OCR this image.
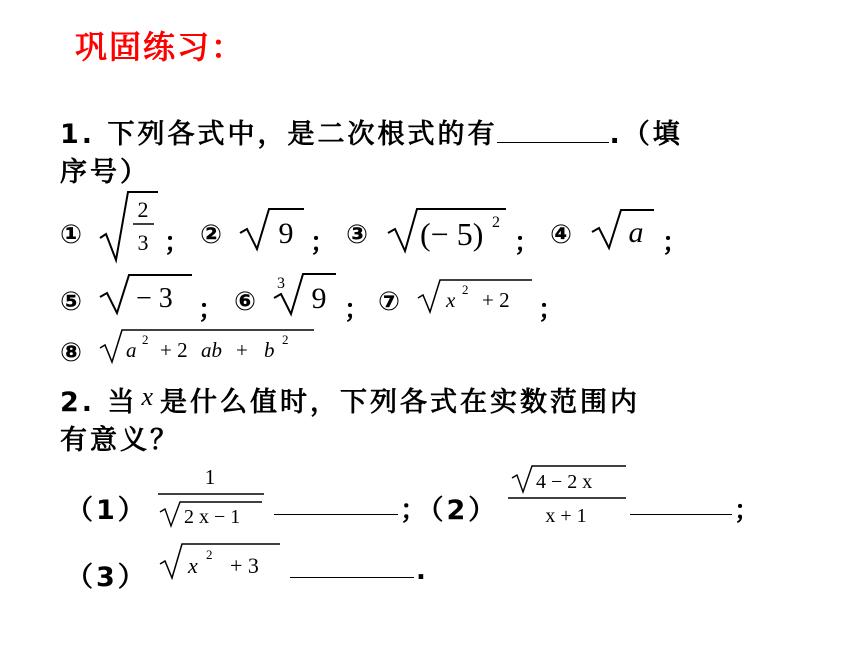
巩固练习：
1. 下列各式中，是二次根式的有	.（填
序号）
①
2
3 ； ② 9 ； ③ (− 5) 2
； ④ a ；
⑤ − 3 ； ⑥
3 9 ； ⑦ x 2 + 2 ；
⑧ a 2 + 2 ab + b 2
2. 当 x 是什么值时，下列各式在实数范围内
有意义？
（1）
1
2 x − 1	；（2）
4 − 2 x
x + 1	；
（3） x 2 + 3	.
